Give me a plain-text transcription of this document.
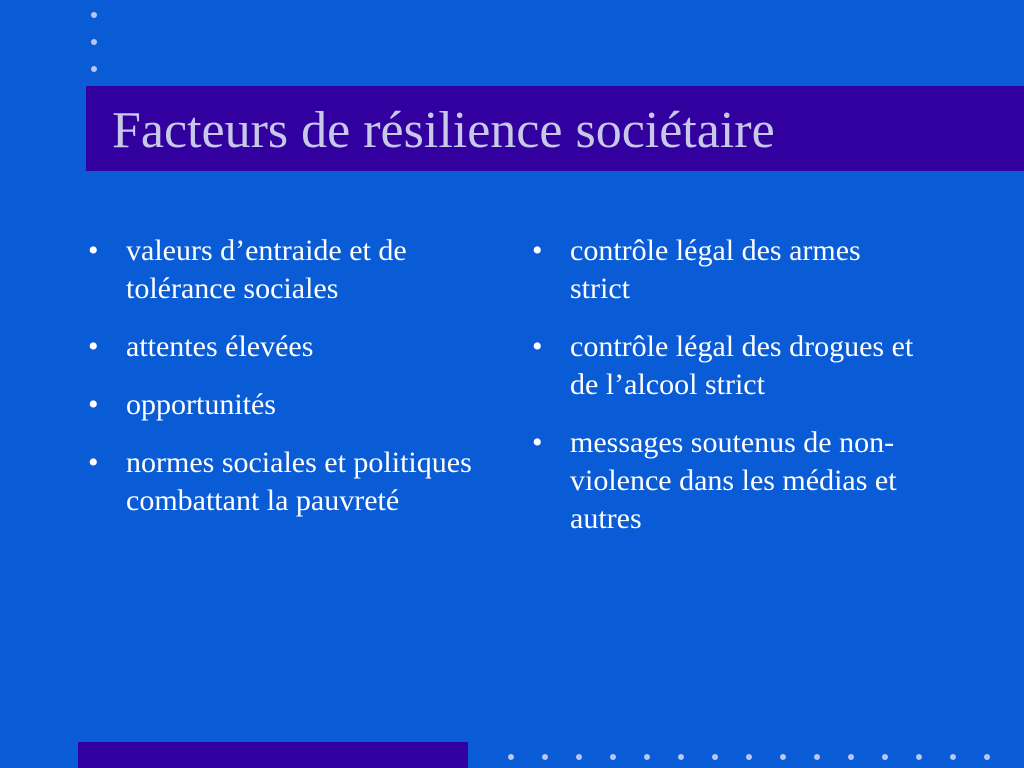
Facteurs de résilience sociétaire
• valeurs d’entraide et de tolérance sociales
• attentes élevées
• opportunités
• normes sociales et politiques combattant la pauvreté
• contrôle légal des armes strict
• contrôle légal des drogues et de l’alcool strict
• messages soutenus de non-violence dans les médias et autres
